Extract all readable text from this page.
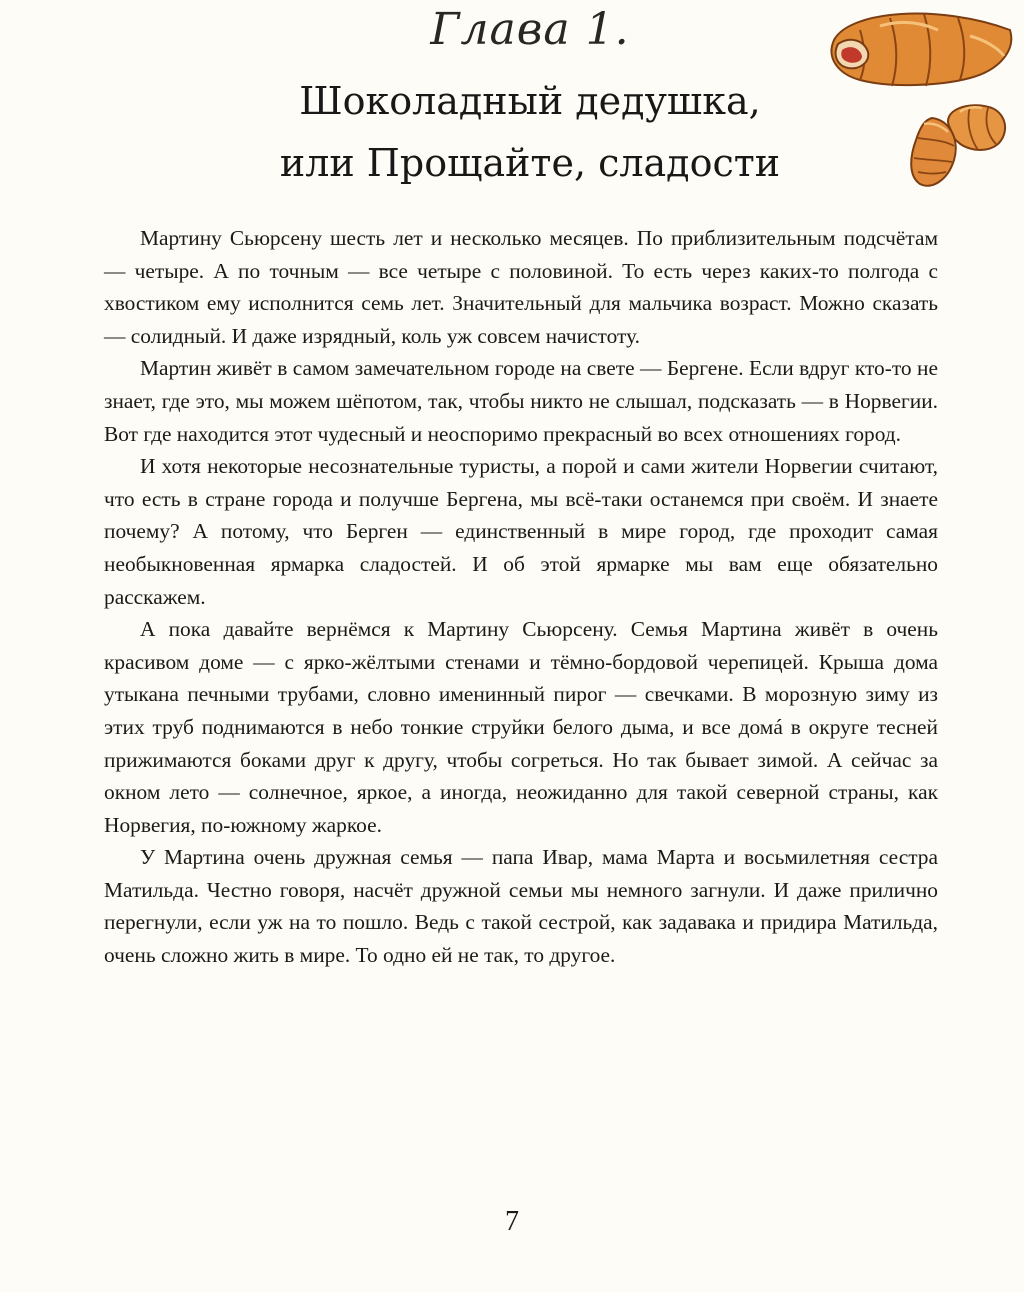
Глава 1.
Шоколадный дедушка,
или Прощайте, сладости

Мартину Сьюрсену шесть лет и несколько месяцев. По приблизительным подсчётам — четыре. А по точным — все четыре с половиной. То есть через каких-то полгода с хвостиком ему исполнится семь лет. Значительный для мальчика возраст. Можно сказать — солидный. И даже изрядный, коль уж совсем начистоту.

Мартин живёт в самом замечательном городе на свете — Бергене. Если вдруг кто-то не знает, где это, мы можем шёпотом, так, чтобы никто не слышал, подсказать — в Норвегии. Вот где находится этот чудесный и неоспоримо прекрасный во всех отношениях город.

И хотя некоторые несознательные туристы, а порой и сами жители Норвегии считают, что есть в стране города и получше Бергена, мы всё-таки останемся при своём. И знаете почему? А потому, что Берген — единственный в мире город, где проходит самая необыкновенная ярмарка сладостей. И об этой ярмарке мы вам еще обязательно расскажем.

А пока давайте вернёмся к Мартину Сьюрсену. Семья Мартина живёт в очень красивом доме — с ярко-жёлтыми стенами и тёмно-бордовой черепицей. Крыша дома утыкана печными трубами, словно именинный пирог — свечками. В морозную зиму из этих труб поднимаются в небо тонкие струйки белого дыма, и все домá в округе тесней прижимаются боками друг к другу, чтобы согреться. Но так бывает зимой. А сейчас за окном лето — солнечное, яркое, а иногда, неожиданно для такой северной страны, как Норвегия, по-южному жаркое.

У Мартина очень дружная семья — папа Ивар, мама Марта и восьмилетняя сестра Матильда. Честно говоря, насчёт дружной семьи мы немного загнули. И даже прилично перегнули, если уж на то пошло. Ведь с такой сестрой, как задавака и придира Матильда, очень сложно жить в мире. То одно ей не так, то другое.

7
